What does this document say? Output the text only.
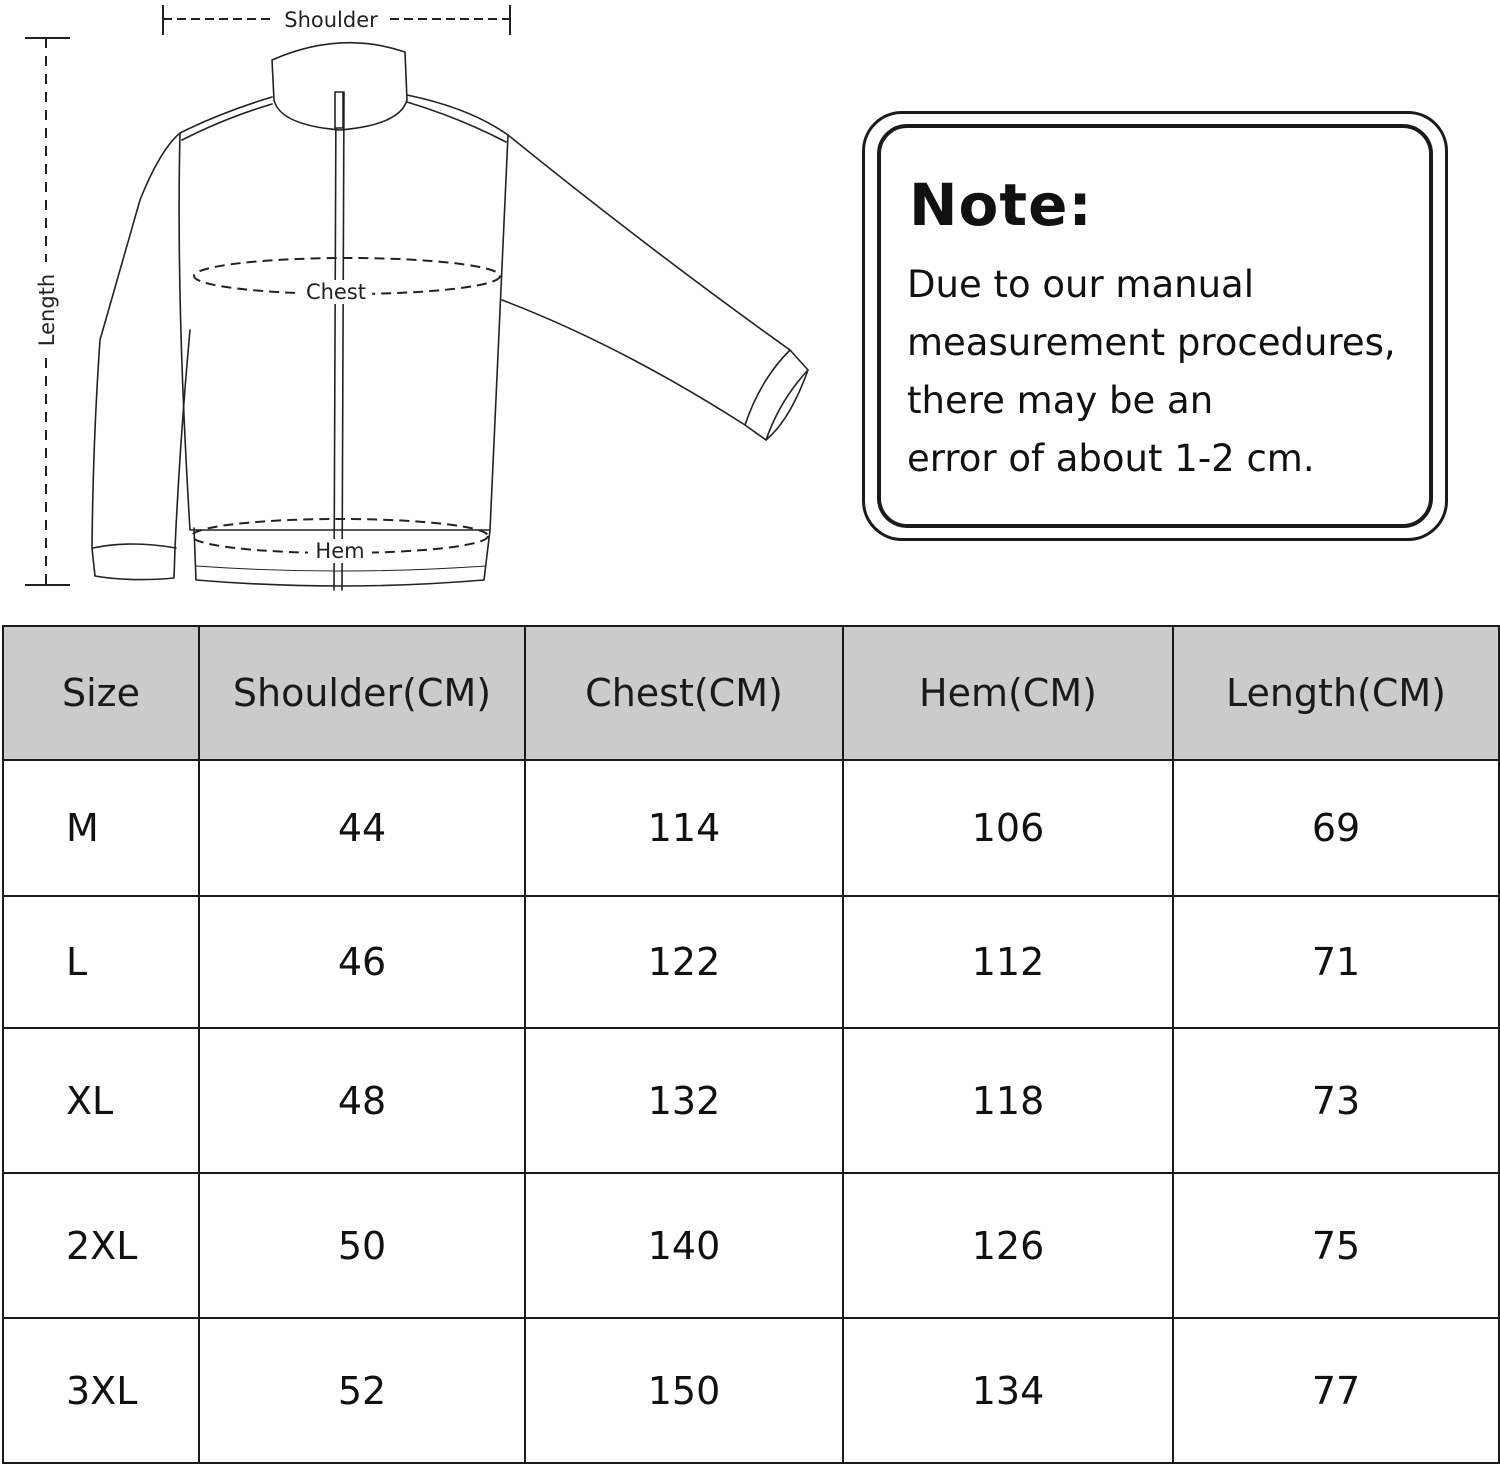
Shoulder
Length	Chest
Hem
Note:
Due to our manual
measurement procedures,
there may be an
error of about 1-2 cm.
Size	Shoulder(CM)	Chest(CM)	Hem(CM)	Length(CM)
M	44	114	106	69
L	46	122	112	71
XL	48	132	118	73
2XL	50	140	126	75
3XL	52	150	134	77
